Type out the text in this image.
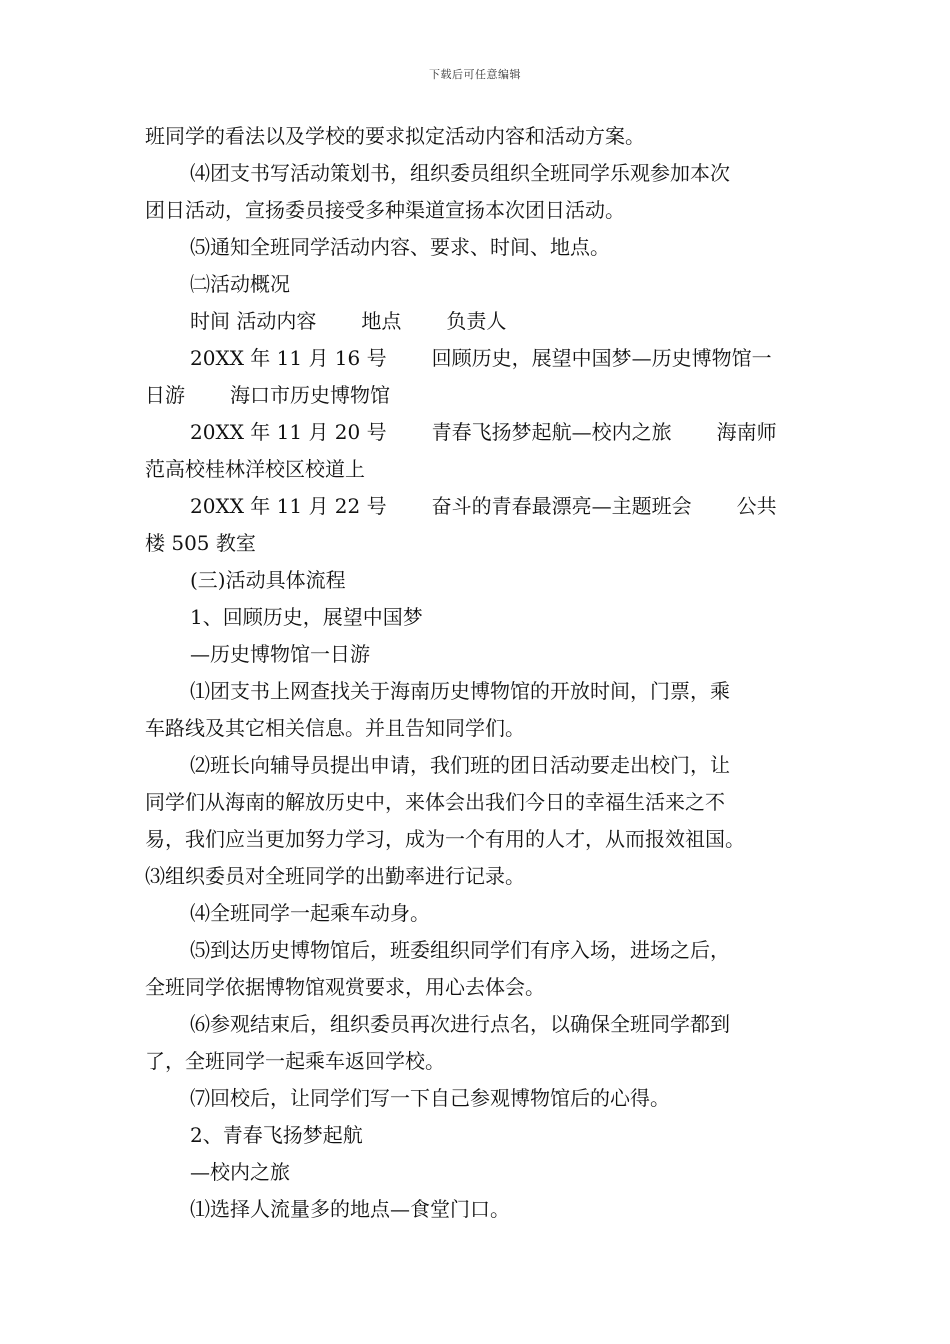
下载后可任意编辑
班同学的看法以及学校的要求拟定活动内容和活动方案。
⑷团支书写活动策划书，组织委员组织全班同学乐观参加本次
团日活动，宣扬委员接受多种渠道宣扬本次团日活动。
⑸通知全班同学活动内容、要求、时间、地点。
㈡活动概况
时间 活动内容 地点 负责人
20XX 年 11 月 16 号 回顾历史，展望中国梦—历史博物馆一
日游 海口市历史博物馆
20XX 年 11 月 20 号 青春飞扬梦起航—校内之旅 海南师
范高校桂林洋校区校道上
20XX 年 11 月 22 号 奋斗的青春最漂亮—主题班会 公共
楼 505 教室
(三)活动具体流程
1、回顾历史，展望中国梦
—历史博物馆一日游
⑴团支书上网查找关于海南历史博物馆的开放时间，门票，乘
车路线及其它相关信息。并且告知同学们。
⑵班长向辅导员提出申请，我们班的团日活动要走出校门，让
同学们从海南的解放历史中，来体会出我们今日的幸福生活来之不
易，我们应当更加努力学习，成为一个有用的人才，从而报效祖国。
⑶组织委员对全班同学的出勤率进行记录。
⑷全班同学一起乘车动身。
⑸到达历史博物馆后，班委组织同学们有序入场，进场之后，
全班同学依据博物馆观赏要求，用心去体会。
⑹参观结束后，组织委员再次进行点名，以确保全班同学都到
了，全班同学一起乘车返回学校。
⑺回校后，让同学们写一下自己参观博物馆后的心得。
2、青春飞扬梦起航
—校内之旅
⑴选择人流量多的地点—食堂门口。
